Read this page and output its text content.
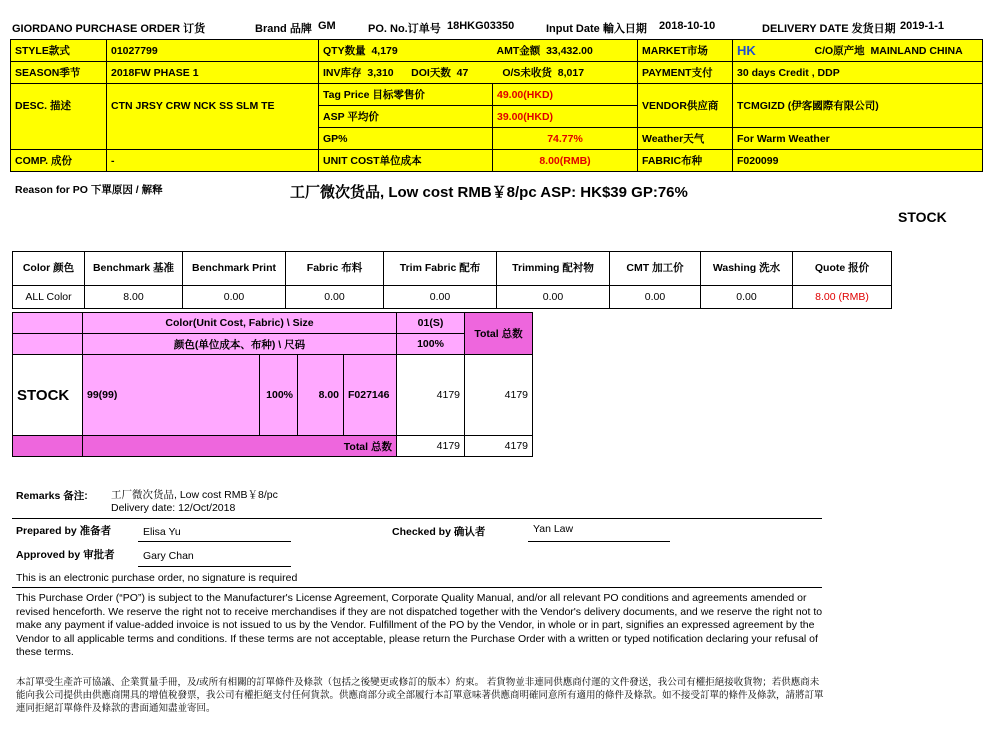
GIORDANO PURCHASE ORDER 订货	Brand 品牌 GM	PO. No.订单号 18HKG03350	Input Date 輸入日期 2018-10-10	DELIVERY DATE 发货日期 2019-1-1
STYLE款式	01027799	QTY数量 4,179	AMT金额 33,432.00	MARKET市场	HK	C/O原产地 MAINLAND CHINA
SEASON季节	2018FW PHASE 1	INV库存 3,310 DOI天数 47	O/S未收货 8,017	PAYMENT支付	30 days Credit , DDP	
DESC. 描述	CTN JRSY CRW NCK SS SLM TE	Tag Price 目标零售价	49.00(HKD)	VENDOR供应商	TCMGIZD (伊客國際有限公司)	
		ASP 平均价	39.00(HKD)			
		GP%	74.77%	Weather天气	For Warm Weather	
COMP. 成份	-	UNIT COST单位成本	8.00(RMB)	FABRIC布种	F020099	
Reason for PO 下單原因 / 解释	工厂微次货品, Low cost RMB￥8/pc ASP: HK$39 GP:76%
STOCK
Color 颜色	Benchmark 基准	Benchmark Print	Fabric 布料	Trim Fabric 配布	Trimming 配衬物	CMT 加工价	Washing 洗水	Quote 报价
ALL Color	8.00	0.00	0.00	0.00	0.00	0.00	0.00	8.00 (RMB)
	Color(Unit Cost, Fabric) \ Size				01(S)	Total 总数
	颜色(单位成本、布种) \ 尺码				100%	
STOCK	99(99)	100%	8.00	F027146	4179	4179
	Total 总数				4179	4179
Remarks 备注: 工厂微次货品, Low cost RMB￥8/pc
Delivery date: 12/Oct/2018
Prepared by 准备者	Elisa Yu	Checked by 确认者	Yan Law
Approved by 审批者	Gary Chan
This is an electronic purchase order, no signature is required
This Purchase Order (“PO”) is subject to the Manufacturer's License Agreement, Corporate Quality Manual, and/or all relevant PO conditions and agreements amended or revised henceforth. We reserve the right not to receive merchandises if they are not dispatched together with the Vendor's delivery documents, and we reserve the right not to make any payment if value-added invoice is not issued to us by the Vendor. Fulfillment of the PO by the Vendor, in whole or in part, signifies an expressed agreement by the Vendor to all applicable terms and conditions. If these terms are not acceptable, please return the Purchase Order with a written or typed notification declaring your refusal of these terms.
本訂單受生產許可協議、企業質量手冊，及/或所有相關的訂單條件及條款（包括之後變更或修訂的版本）約束。 若貨物並非連同供應商付運的文件發送，我公司有權拒絕接收貨物；若供應商未能向我公司提供由供應商開具的增值稅發票，我公司有權拒絕支付任何貨款。供應商部分或全部履行本訂單意味著供應商明確同意所有適用的條件及條款。如不接受訂單的條件及條款，請將訂單連同拒絕訂單條件及條款的書面通知盡並寄回。
